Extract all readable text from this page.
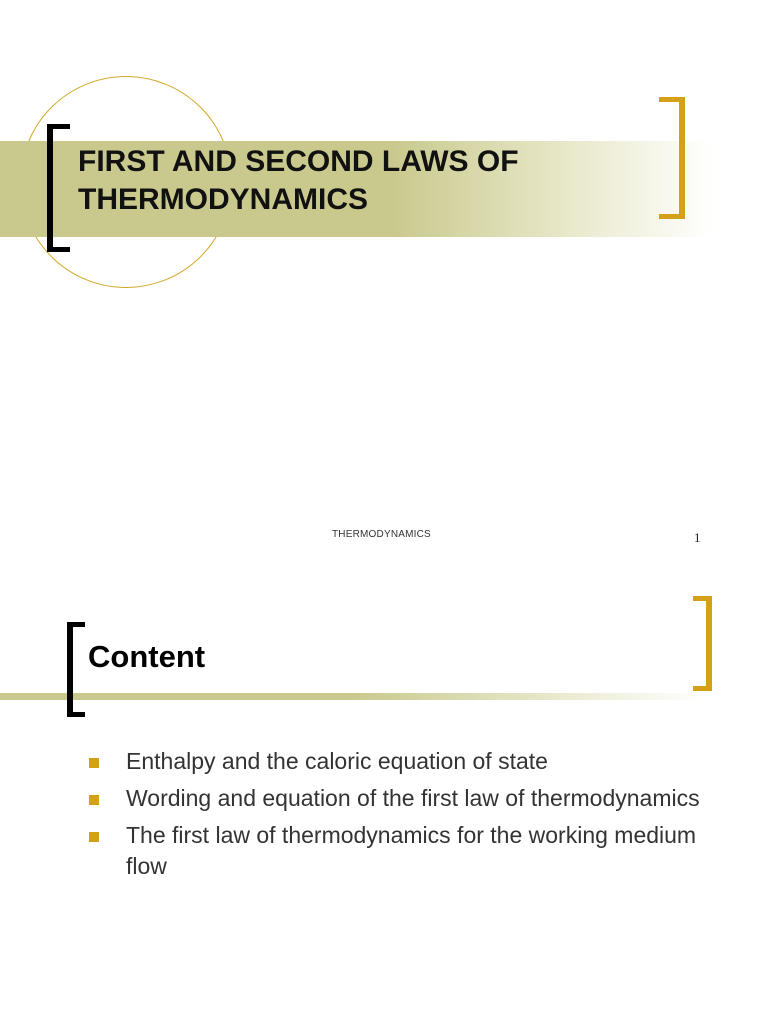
FIRST AND SECOND LAWS OF THERMODYNAMICS
THERMODYNAMICS	1
Content
Enthalpy and the caloric equation of state
Wording and equation of the first law of thermodynamics
The first law of thermodynamics for the working medium flow
